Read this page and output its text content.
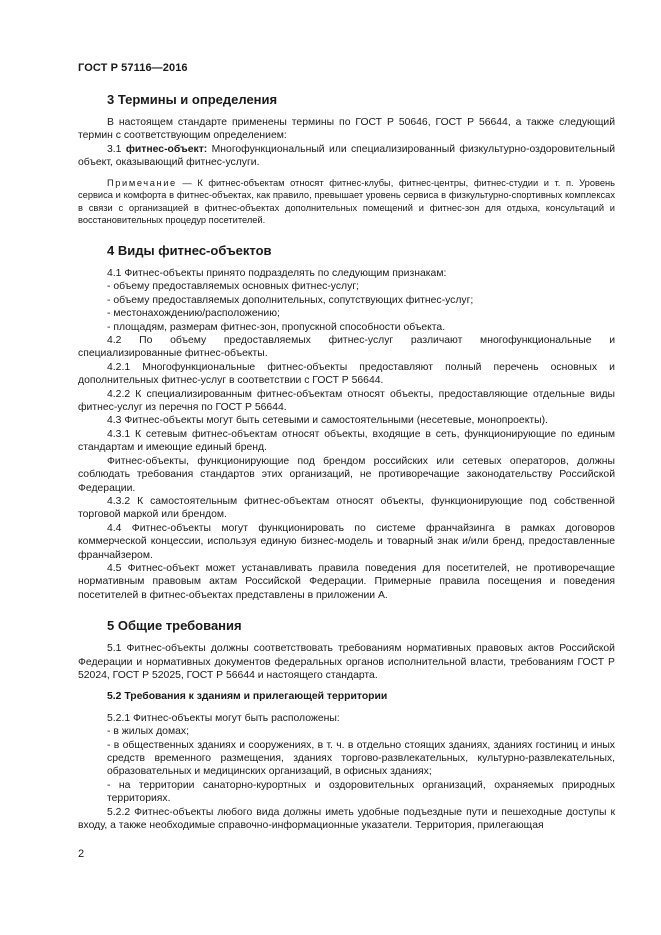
ГОСТ Р 57116—2016
3 Термины и определения

В настоящем стандарте применены термины по ГОСТ Р 50646, ГОСТ Р 56644, а также следующий термин с соответствующим определением:

3.1 фитнес-объект: Многофункциональный или специализированный физкультурно-оздоровительный объект, оказывающий фитнес-услуги.

Примечание — К фитнес-объектам относят фитнес-клубы, фитнес-центры, фитнес-студии и т. п. Уровень сервиса и комфорта в фитнес-объектах, как правило, превышает уровень сервиса в физкультурно-спортивных комплексах в связи с организацией в фитнес-объектах дополнительных помещений и фитнес-зон для отдыха, консультаций и восстановительных процедур посетителей.

4 Виды фитнес-объектов

4.1 Фитнес-объекты принято подразделять по следующим признакам:

- объему предоставляемых основных фитнес-услуг;

- объему предоставляемых дополнительных, сопутствующих фитнес-услуг;

- местонахождению/расположению;

- площадям, размерам фитнес-зон, пропускной способности объекта.

4.2 По объему предоставляемых фитнес-услуг различают многофункциональные и специализированные фитнес-объекты.

4.2.1 Многофункциональные фитнес-объекты предоставляют полный перечень основных и дополнительных фитнес-услуг в соответствии с ГОСТ Р 56644.

4.2.2 К специализированным фитнес-объектам относят объекты, предоставляющие отдельные виды фитнес-услуг из перечня по ГОСТ Р 56644.

4.3 Фитнес-объекты могут быть сетевыми и самостоятельными (несетевые, монопроекты).

4.3.1 К сетевым фитнес-объектам относят объекты, входящие в сеть, функционирующие по единым стандартам и имеющие единый бренд.

Фитнес-объекты, функционирующие под брендом российских или сетевых операторов, должны соблюдать требования стандартов этих организаций, не противоречащие законодательству Российской Федерации.

4.3.2 К самостоятельным фитнес-объектам относят объекты, функционирующие под собственной торговой маркой или брендом.

4.4 Фитнес-объекты могут функционировать по системе франчайзинга в рамках договоров коммерческой концессии, используя единую бизнес-модель и товарный знак и/или бренд, предоставленные франчайзером.

4.5 Фитнес-объект может устанавливать правила поведения для посетителей, не противоречащие нормативным правовым актам Российской Федерации. Примерные правила посещения и поведения посетителей в фитнес-объектах представлены в приложении А.

5 Общие требования

5.1 Фитнес-объекты должны соответствовать требованиям нормативных правовых актов Российской Федерации и нормативных документов федеральных органов исполнительной власти, требованиям ГОСТ Р 52024, ГОСТ Р 52025, ГОСТ Р 56644 и настоящего стандарта.

5.2 Требования к зданиям и прилегающей территории

5.2.1 Фитнес-объекты могут быть расположены:

- в жилых домах;

- в общественных зданиях и сооружениях, в т. ч. в отдельно стоящих зданиях, зданиях гостиниц и иных средств временного размещения, зданиях торгово-развлекательных, культурно-развлекательных, образовательных и медицинских организаций, в офисных зданиях;

- на территории санаторно-курортных и оздоровительных организаций, охраняемых природных территориях.

5.2.2 Фитнес-объекты любого вида должны иметь удобные подъездные пути и пешеходные доступы к входу, а также необходимые справочно-информационные указатели. Территория, прилегающая

2
